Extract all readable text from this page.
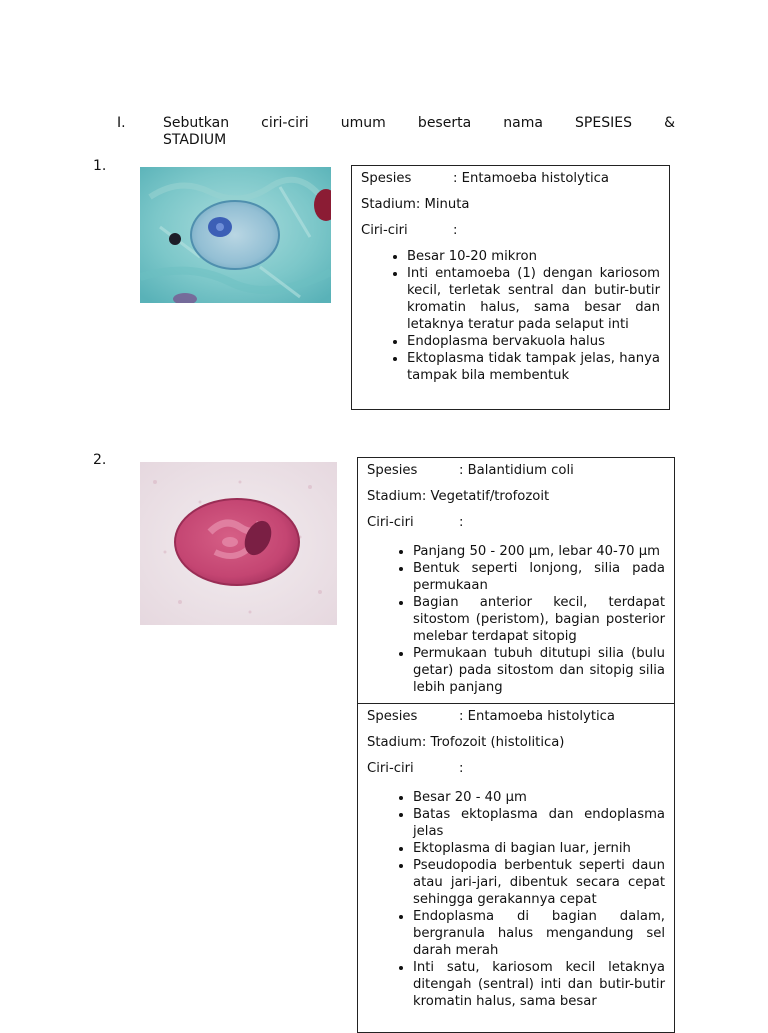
I.	Sebutkan ciri-ciri umum beserta nama SPESIES &
STADIUM
1.

Spesies	: Entamoeba histolytica

Stadium: Minuta

Ciri-ciri	:

• Besar 10-20 mikron
• Inti entamoeba (1) dengan kariosom kecil, terletak sentral dan butir-butir kromatin halus, sama besar dan letaknya teratur pada selaput inti
• Endoplasma bervakuola halus
• Ektoplasma tidak tampak jelas, hanya tampak bila membentuk
2.

Spesies	: Balantidium coli

Stadium: Vegetatif/trofozoit

Ciri-ciri	:

• Panjang 50 - 200 µm, lebar 40-70 µm
• Bentuk seperti lonjong, silia pada permukaan
• Bagian anterior kecil, terdapat sitostom (peristom), bagian posterior melebar terdapat sitopig
• Permukaan tubuh ditutupi silia (bulu getar) pada sitostom dan sitopig silia lebih panjang

Spesies	: Entamoeba histolytica

Stadium: Trofozoit (histolitica)

Ciri-ciri	:

• Besar 20 - 40 µm
• Batas ektoplasma dan endoplasma jelas
• Ektoplasma di bagian luar, jernih
• Pseudopodia berbentuk seperti daun atau jari-jari, dibentuk secara cepat sehingga gerakannya cepat
• Endoplasma di bagian dalam, bergranula halus mengandung sel darah merah
• Inti satu, kariosom kecil letaknya ditengah (sentral) inti dan butir-butir kromatin halus, sama besar
